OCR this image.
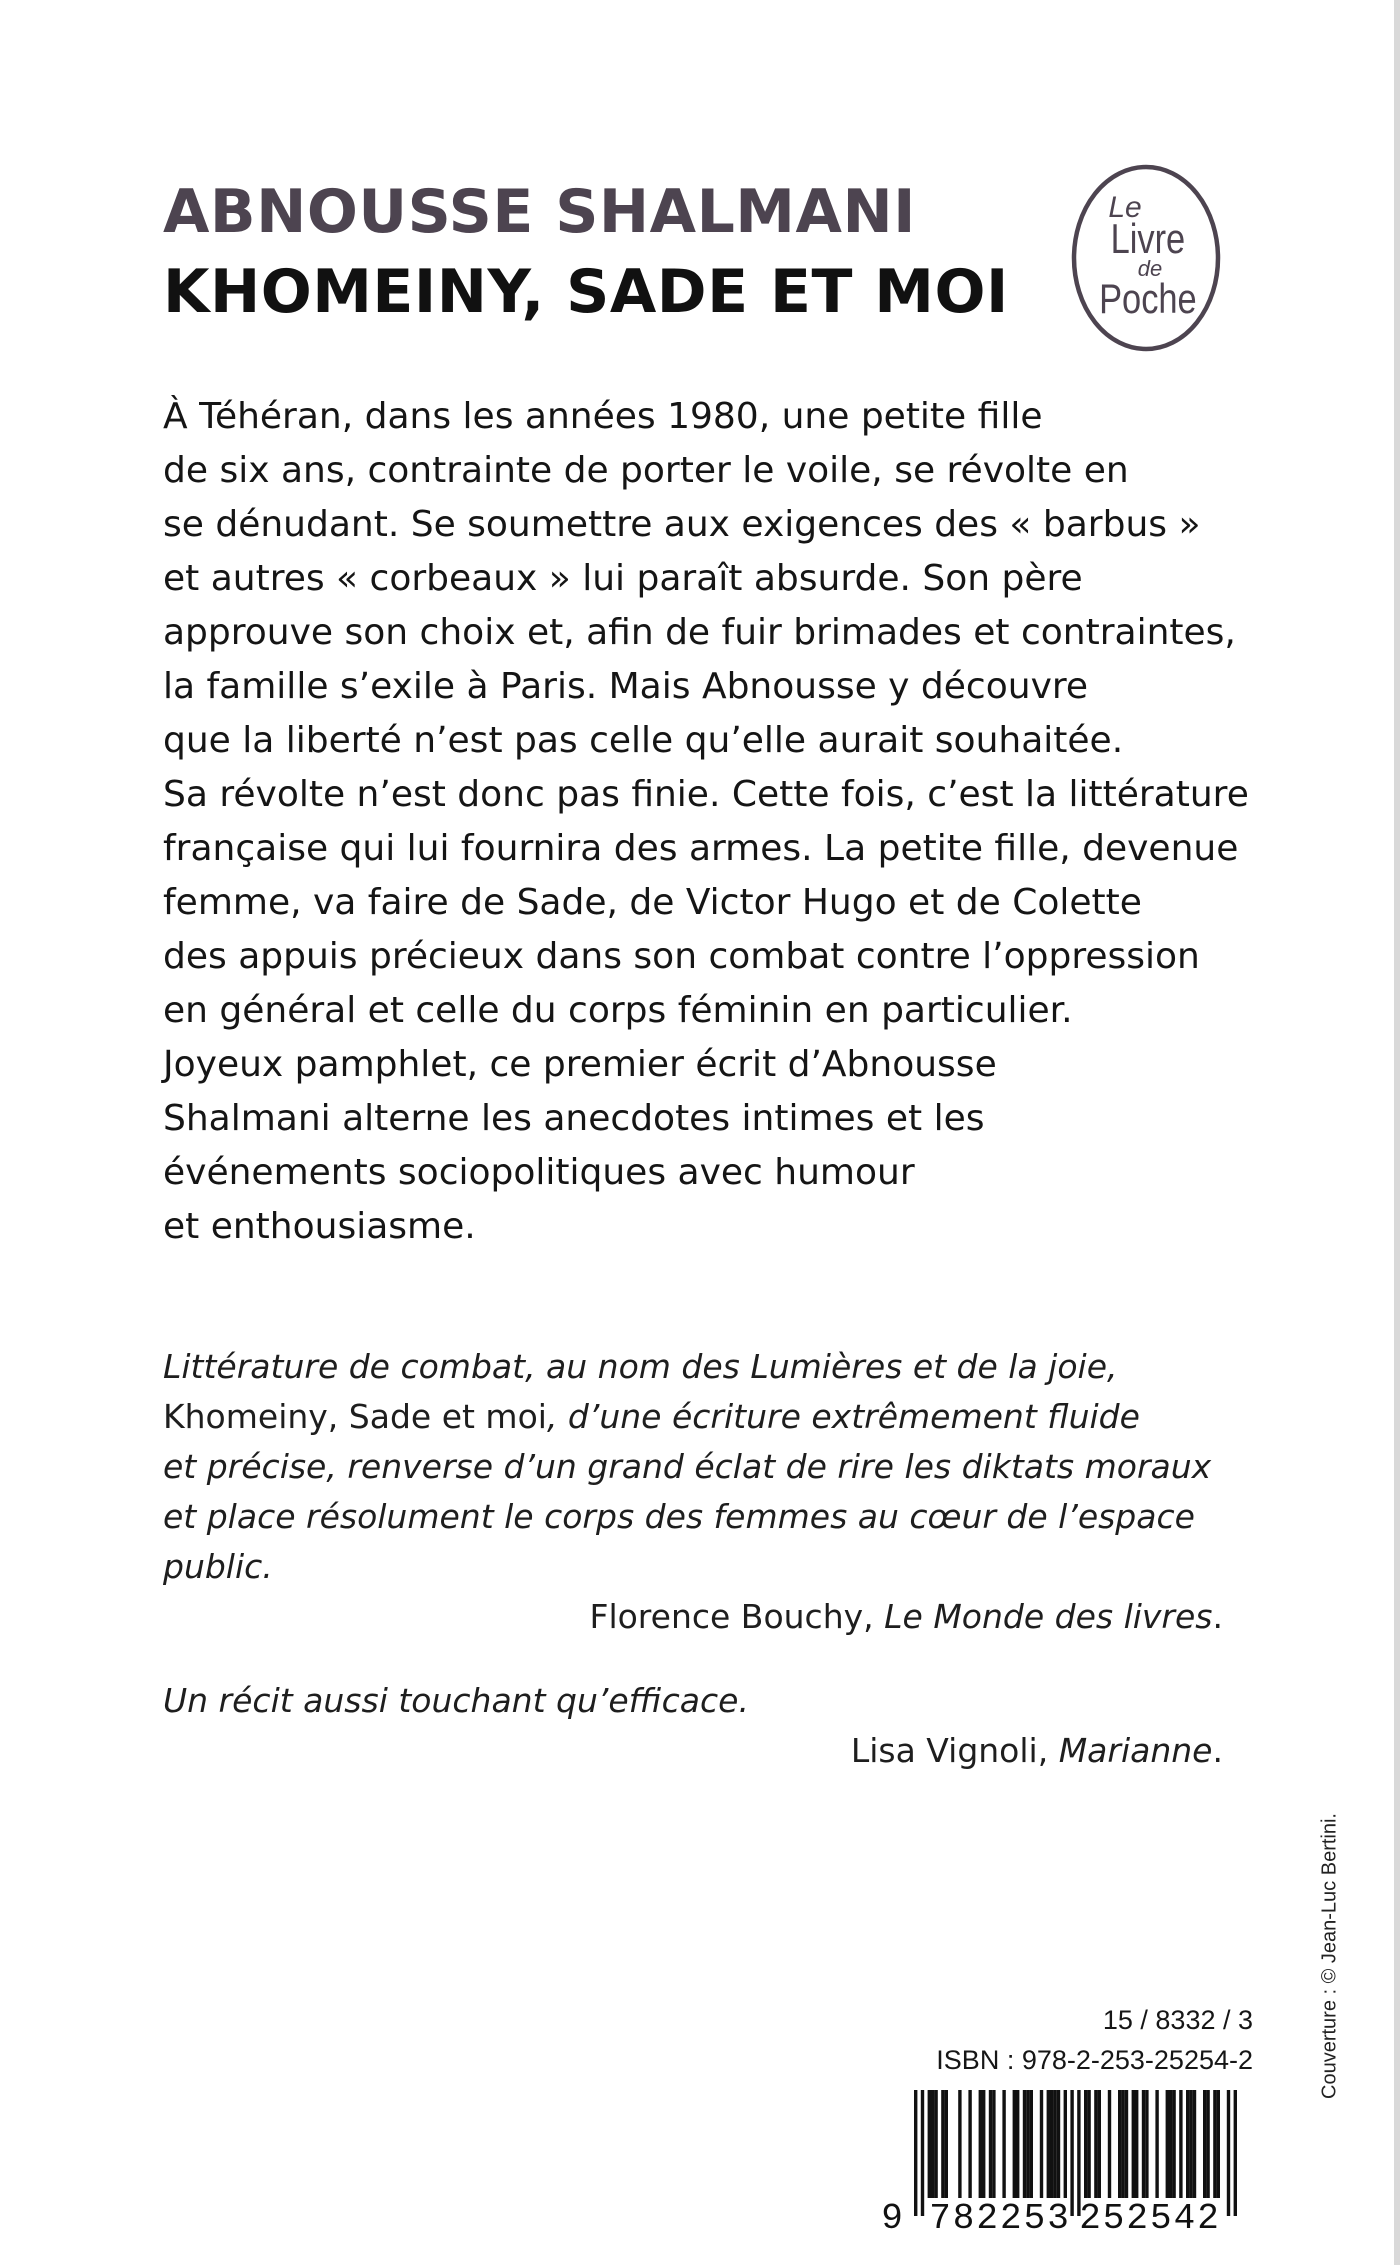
ABNOUSSE SHALMANI
KHOMEINY, SADE ET MOI
Le
Livre
de
Poche

À Téhéran, dans les années 1980, une petite fille
de six ans, contrainte de porter le voile, se révolte en
se dénudant. Se soumettre aux exigences des « barbus »
et autres « corbeaux » lui paraît absurde. Son père
approuve son choix et, afin de fuir brimades et contraintes,
la famille s’exile à Paris. Mais Abnousse y découvre
que la liberté n’est pas celle qu’elle aurait souhaitée.
Sa révolte n’est donc pas finie. Cette fois, c’est la littérature
française qui lui fournira des armes. La petite fille, devenue
femme, va faire de Sade, de Victor Hugo et de Colette
des appuis précieux dans son combat contre l’oppression
en général et celle du corps féminin en particulier.
Joyeux pamphlet, ce premier écrit d’Abnousse
Shalmani alterne les anecdotes intimes et les
événements sociopolitiques avec humour
et enthousiasme.

Littérature de combat, au nom des Lumières et de la joie,
Khomeiny, Sade et moi, d’une écriture extrêmement fluide
et précise, renverse d’un grand éclat de rire les diktats moraux
et place résolument le corps des femmes au cœur de l’espace
public.
Florence Bouchy, Le Monde des livres.
Un récit aussi touchant qu’efficace.
Lisa Vignoli, Marianne.
Couverture : © Jean-Luc Bertini.
15 / 8332 / 3
ISBN : 978-2-253-25254-2
9 782253 252542
